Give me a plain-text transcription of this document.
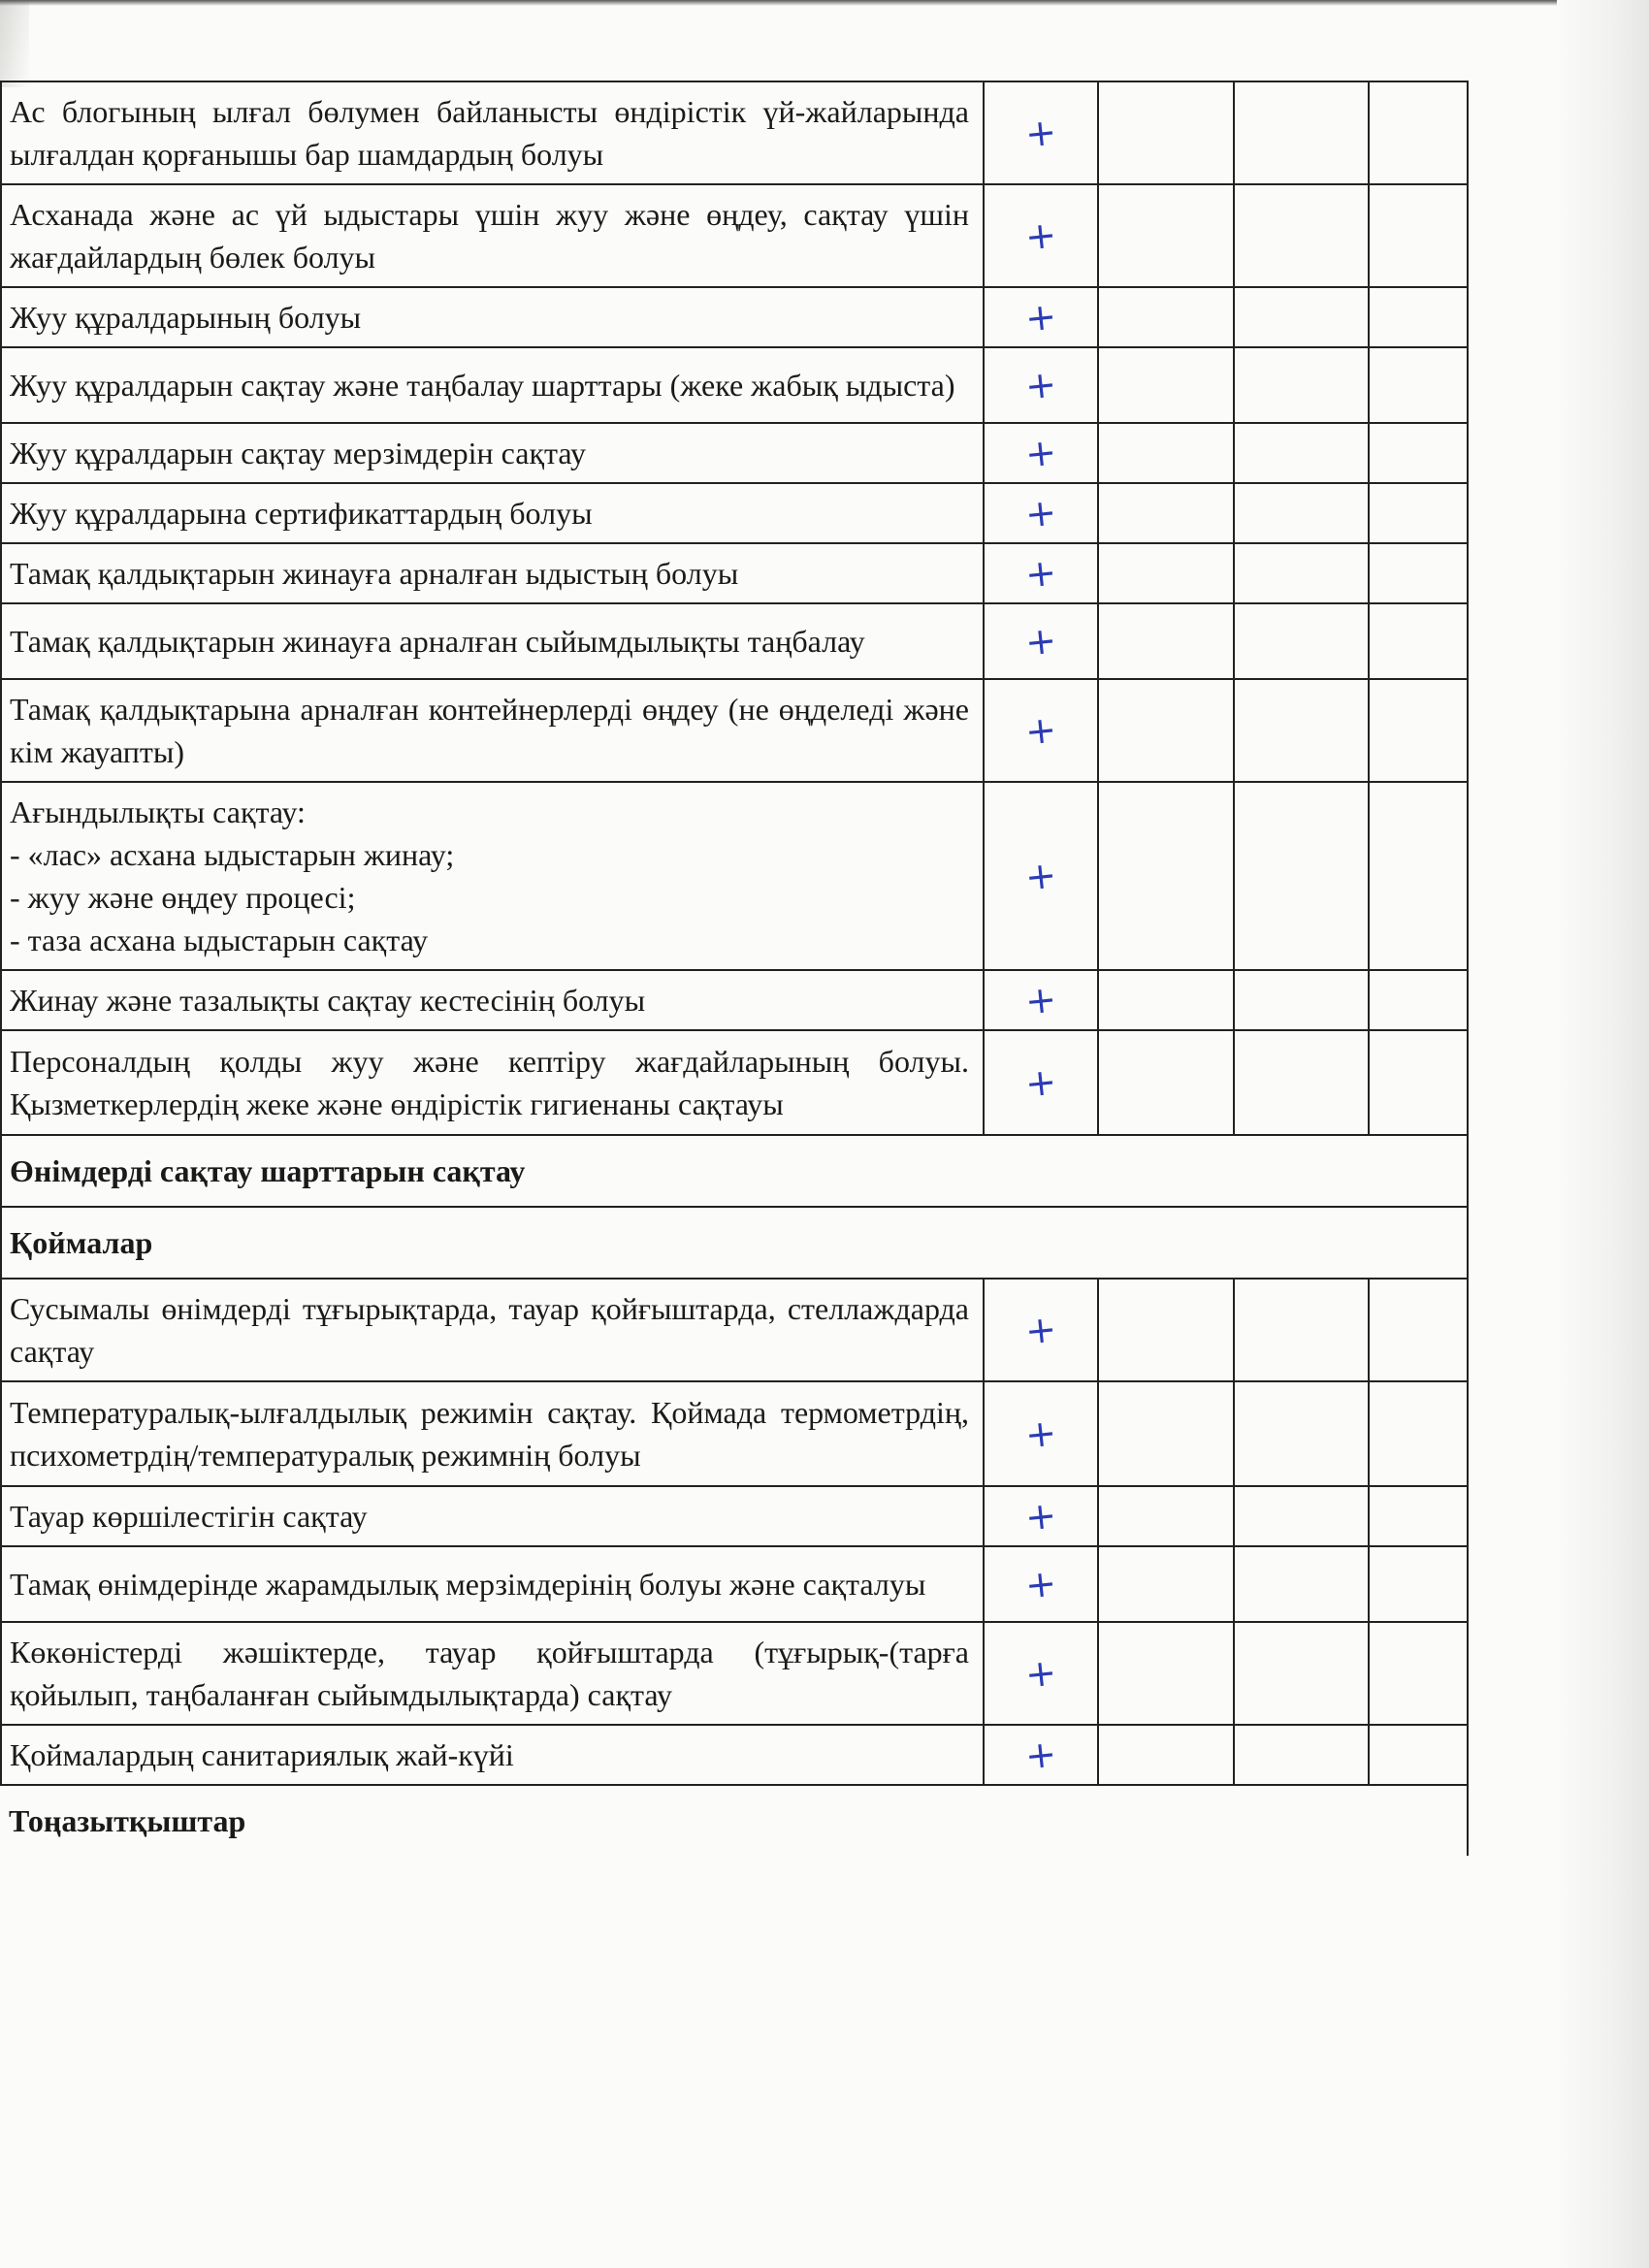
Ас блогының ылғал бөлумен байланысты өндірістік үй-жайларында ылғалдан қорғанышы бар шамдардың болуы	+			
Асханада және ас үй ыдыстары үшін жуу және өңдеу, сақтау үшін жағдайлардың бөлек болуы	+			
Жуу құралдарының болуы	+			
Жуу құралдарын сақтау және таңбалау шарттары (жеке жабық ыдыста)	+			
Жуу құралдарын сақтау мерзімдерін сақтау	+			
Жуу құралдарына сертификаттардың болуы	+			
Тамақ қалдықтарын жинауға арналған ыдыстың болуы	+			
Тамақ қалдықтарын жинауға арналған сыйымдылықты таңбалау	+			
Тамақ қалдықтарына арналған контейнерлерді өңдеу (не өңделеді және кім жауапты)	+			

Ағындылықты сақтау:
- «лас» асхана ыдыстарын жинау;
- жуу және өңдеу процесі;
- таза асхана ыдыстарын сақтау	+			
Жинау және тазалықты сақтау кестесінің болуы	+			
Персоналдың қолды жуу және кептіру жағдайларының болуы. Қызметкерлердің жеке және өндірістік гигиенаны сақтауы	+			
Өнімдерді сақтау шарттарын сақтау				
Қоймалар				
Сусымалы өнімдерді тұғырықтарда, тауар қойғыштарда, стеллаждарда сақтау	+			
Температуралық-ылғалдылық режимін сақтау. Қоймада термометрдің, психометрдің/температуралық режимнің болуы	+			
Тауар көршілестігін сақтау	+			
Тамақ өнімдерінде жарамдылық мерзімдерінің болуы және сақталуы	+			
Көкөністерді жәшіктерде, тауар қойғыштарда (тұғырық-(тарға қойылып, таңбаланған сыйымдылықтарда) сақтау	+			
Қоймалардың санитариялық жай-күйі	+			
Тоңазытқыштар				
